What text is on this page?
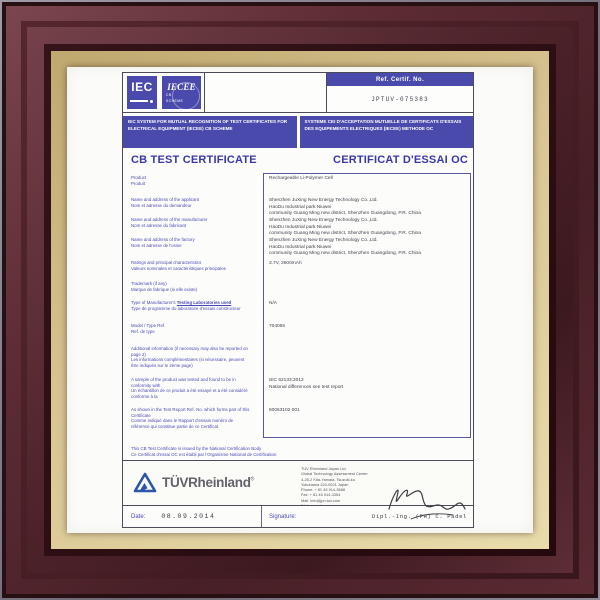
IEC IECEE
CB
SCHEME
Ref. Certif. No.
JPTUV-075383
IEC SYSTEM FOR MUTUAL RECOGNITION OF TEST CERTIFICATES FOR ELECTRICAL EQUIPMENT (IECEE) CB SCHEME
SYSTEME CEI D'ACCEPTATION MUTUELLE DE CERTIFICATS D'ESSAIS DES EQUIPEMENTS ELECTRIQUES (IECEE) METHODE OC
CB TEST CERTIFICATE	CERTIFICAT D'ESSAI OC
Product
Produit
Rechargeable Li-Polymer Cell
Name and address of the applicant
Nom et adresse du demandeur
Shenzhen JuXing New Energy Technology Co.,Ltd.
HaoDu Industrial park Niuwei
community Guang Ming new district, Shenzhen Guangdong, P.R. China
Name and address of the manufacturer
Nom et adresse du fabricant
Shenzhen JuXing New Energy Technology Co.,Ltd.
HaoDu Industrial park Niuwei
community Guang Ming new district, Shenzhen Guangdong, P.R. China
Name and address of the factory
Nom et adresse de l'usine
Shenzhen JuXing New Energy Technology Co.,Ltd.
HaoDu Industrial park Niuwei
community Guang Ming new district, Shenzhen Guangdong, P.R. China
Ratings and principal characteristics
Valeurs nominales et caractéristiques principales
3.7V, 2600mAh
Trademark (if any)
Marque de fabrique (si elle existe)
Type of Manufacturer's Testing Laboratories used
Type de programme du laboratoire d'essais constructeur
N/A
Model / Type Ref.
Ref. de type
704065
Additional information (if necessary may also be reported on page 2)
Les informations complémentaires (si nécessaire, peuvent être indiqués sur le 2ème page)
A sample of the product was tested and found to be in conformity with
Un échantillon de ce produit a été essayé et a été considéré conforme à la
IEC 62133:2012
National differences see test report
As shown in the Test Report Ref. No. which forms part of this Certificate
Comme indiqué dans le Rapport d'essais numéro de référence qui constitue partie de ce Certificat
50063102 001
This CB Test Certificate is issued by the National Certification Body
Ce Certificat d'essai OC est établi par l'Organisme National de Certification
TÜVRheinland®
TÜV Rheinland Japan Ltd.
Global Technology Assessment Center
4-25-2 Kita-Yamata, Tsuzuki-ku
Yokohama 224-0021 Japan
Phone: + 81 45 914-3888
Fax: + 81 45 914-3354
Mail: info@jpn.tuv.com

Date: 08.09.2014	Signature:	Dipl.-Ing. (FH) C. Padel
